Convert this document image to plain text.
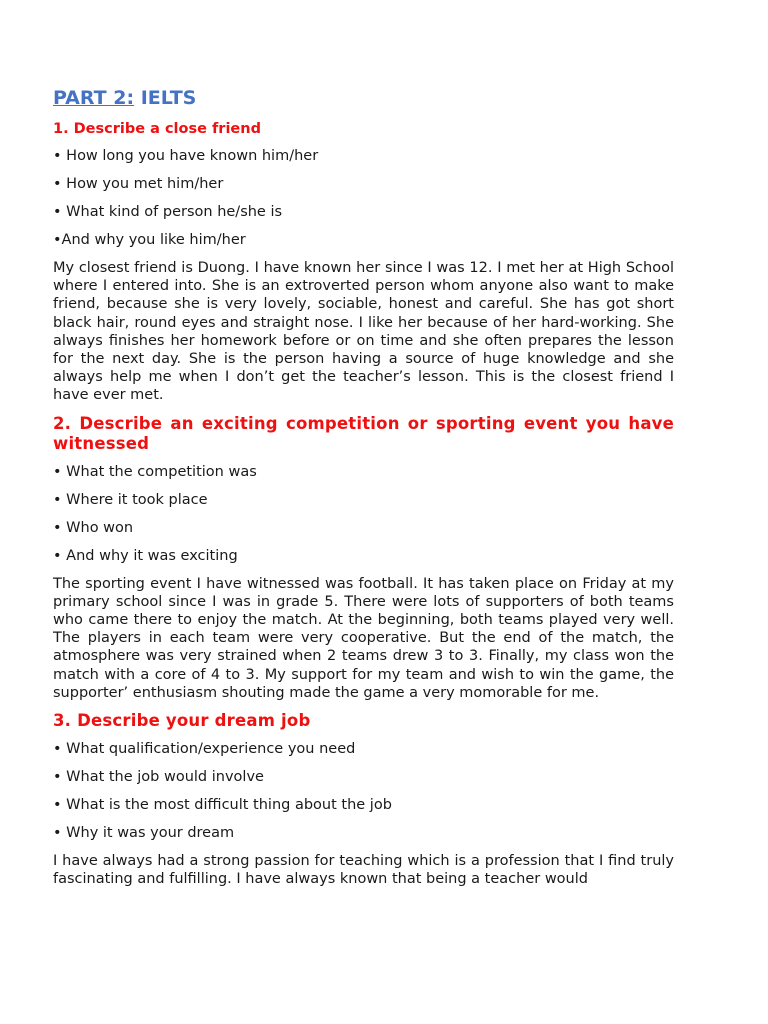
PART 2: IELTS
1. Describe a close friend
• How long you have known him/her
• How you met him/her
• What kind of person he/she is
•And why you like him/her
My closest friend is Duong. I have known her since I was 12. I met her at High School where I entered into. She is an extroverted person whom anyone also want to make friend, because she is very lovely, sociable, honest and careful. She has got short black hair, round eyes and straight nose. I like her because of her hard-working. She always finishes her homework before or on time and she often prepares the lesson for the next day. She is the person having a source of huge knowledge and she always help me when I don’t get the teacher’s lesson. This is the closest friend I have ever met.
2. Describe an exciting competition or sporting event you have witnessed
• What the competition was
• Where it took place
• Who won
• And why it was exciting
The sporting event I have witnessed was football. It has taken place on Friday at my primary school since I was in grade 5. There were lots of supporters of both teams who came there to enjoy the match. At the beginning, both teams played very well. The players in each team were very cooperative. But the end of the match, the atmosphere was very strained when 2 teams drew 3 to 3. Finally, my class won the match with a core of 4 to 3. My support for my team and wish to win the game, the supporter’ enthusiasm shouting made the game a very momorable for me.
3. Describe your dream job
• What qualification/experience you need
• What the job would involve
• What is the most difficult thing about the job
• Why it was your dream
I have always had a strong passion for teaching which is a profession that I find truly fascinating and fulfilling. I have always known that being a teacher would
